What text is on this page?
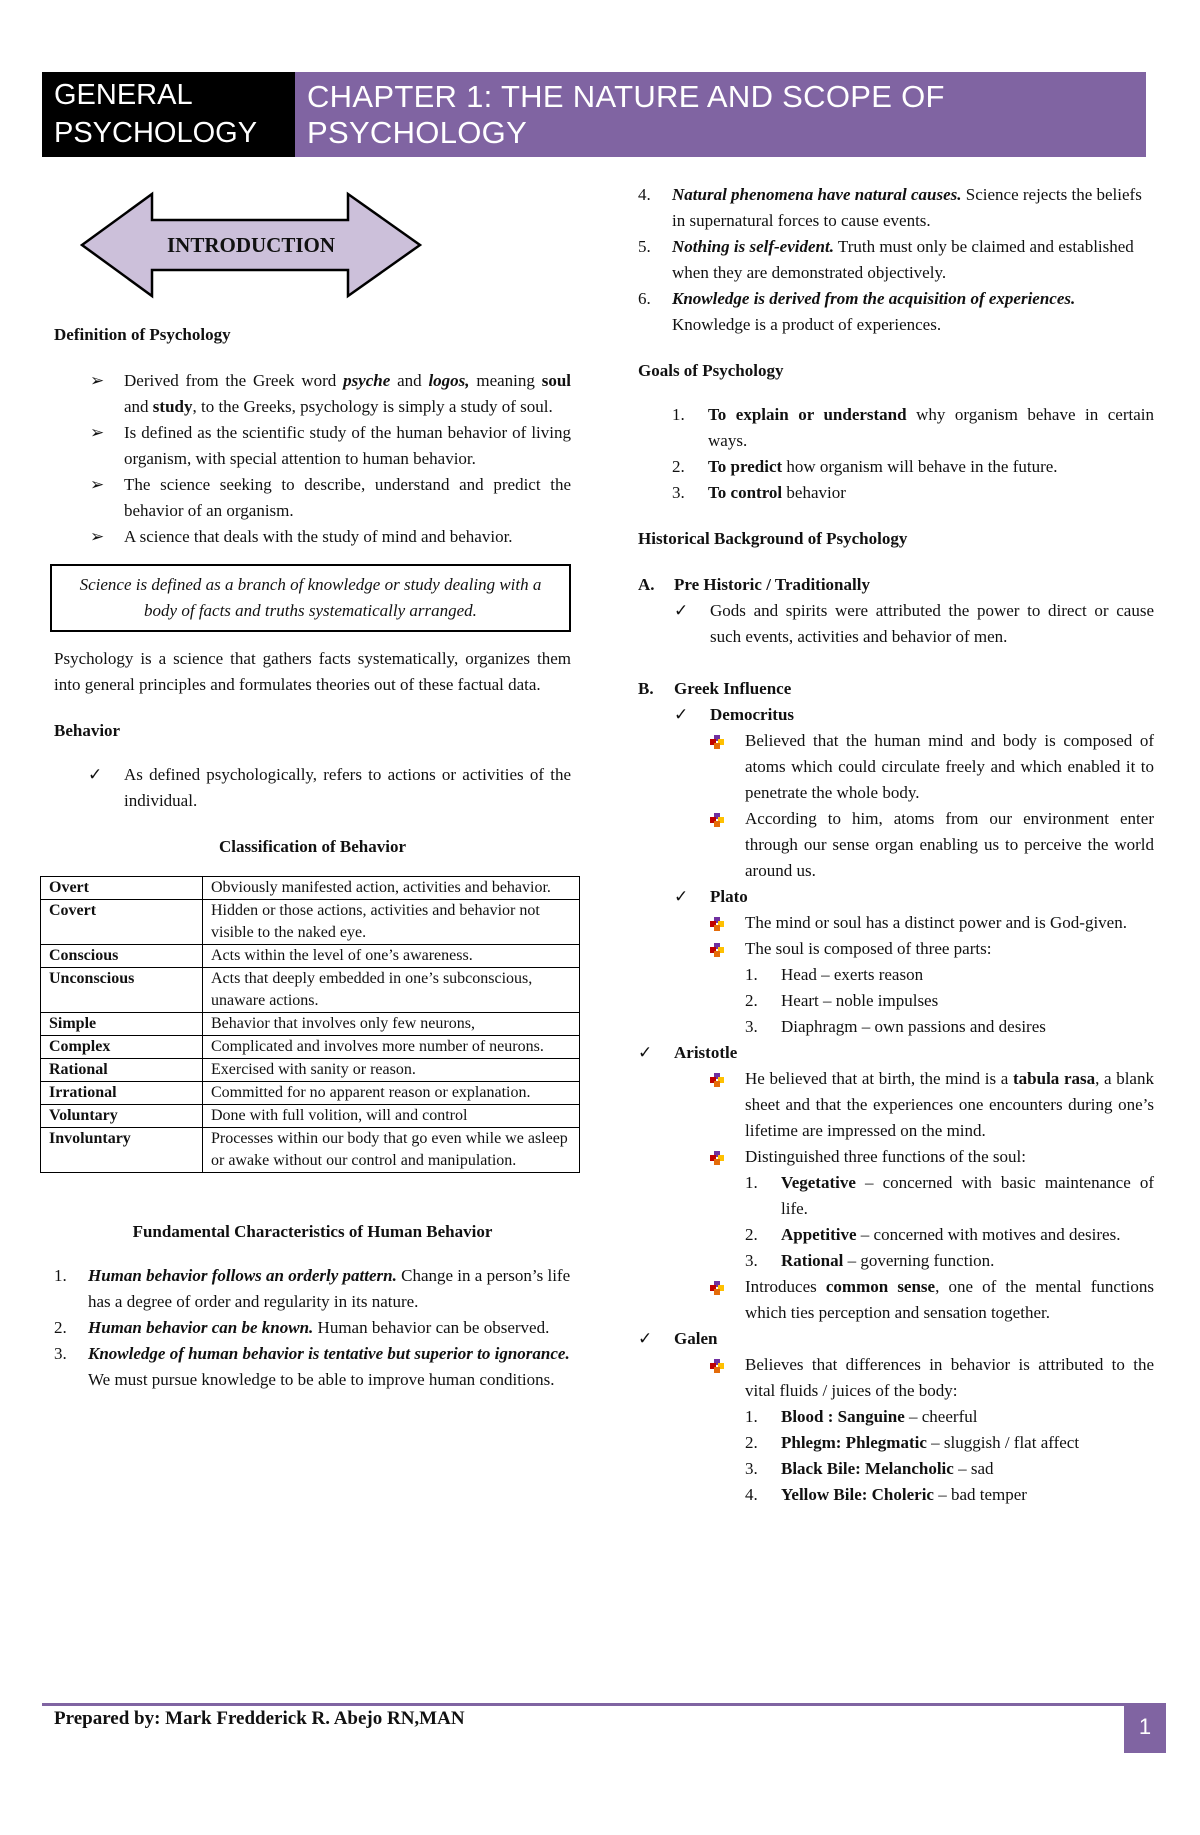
GENERAL
PSYCHOLOGY
CHAPTER 1: THE NATURE AND SCOPE OF PSYCHOLOGY
INTRODUCTION

Definition of Psychology

➢ Derived from the Greek word psyche and logos, meaning soul and study, to the Greeks, psychology is simply a study of soul.
➢ Is defined as the scientific study of the human behavior of living organism, with special attention to human behavior.
➢ The science seeking to describe, understand and predict the behavior of an organism.
➢ A science that deals with the study of mind and behavior.
Science is defined as a branch of knowledge or study dealing with a body of facts and truths systematically arranged.

Psychology is a science that gathers facts systematically, organizes them into general principles and formulates theories out of these factual data.

Behavior

✓ As defined psychologically, refers to actions or activities of the individual.

Classification of Behavior

Overt	Obviously manifested action, activities and behavior.
Covert	Hidden or those actions, activities and behavior not visible to the naked eye.
Conscious	Acts within the level of one’s awareness.
Unconscious	Acts that deeply embedded in one’s subconscious, unaware actions.
Simple	Behavior that involves only few neurons,
Complex	Complicated and involves more number of neurons.
Rational	Exercised with sanity or reason.
Irrational	Committed for no apparent reason or explanation.
Voluntary	Done with full volition, will and control
Involuntary	Processes within our body that go even while we asleep or awake without our control and manipulation.

Fundamental Characteristics of Human Behavior

1. Human behavior follows an orderly pattern. Change in a person’s life has a degree of order and regularity in its nature.
2. Human behavior can be known. Human behavior can be observed.
3. Knowledge of human behavior is tentative but superior to ignorance. We must pursue knowledge to be able to improve human conditions.
4. Natural phenomena have natural causes. Science rejects the beliefs in supernatural forces to cause events.
5. Nothing is self-evident. Truth must only be claimed and established when they are demonstrated objectively.
6. Knowledge is derived from the acquisition of experiences. Knowledge is a product of experiences.

Goals of Psychology

1. To explain or understand why organism behave in certain ways.
2. To predict how organism will behave in the future.
3. To control behavior

Historical Background of Psychology

A. Pre Historic / Traditionally
✓ Gods and spirits were attributed the power to direct or cause such events, activities and behavior of men.
B. Greek Influence
✓ Democritus
Believed that the human mind and body is composed of atoms which could circulate freely and which enabled it to penetrate the whole body.
According to him, atoms from our environment enter through our sense organ enabling us to perceive the world around us.
✓ Plato
The mind or soul has a distinct power and is God-given.
The soul is composed of three parts:
1. Head – exerts reason
2. Heart – noble impulses
3. Diaphragm – own passions and desires
✓ Aristotle
He believed that at birth, the mind is a tabula rasa, a blank sheet and that the experiences one encounters during one’s lifetime are impressed on the mind.
Distinguished three functions of the soul:
1. Vegetative – concerned with basic maintenance of life.
2. Appetitive – concerned with motives and desires.
3. Rational – governing function.
Introduces common sense, one of the mental functions which ties perception and sensation together.
✓ Galen
Believes that differences in behavior is attributed to the vital fluids / juices of the body:
1. Blood : Sanguine – cheerful
2. Phlegm: Phlegmatic – sluggish / flat affect
3. Black Bile: Melancholic – sad
4. Yellow Bile: Choleric – bad temper
Prepared by: Mark Fredderick R. Abejo RN,MAN	1
